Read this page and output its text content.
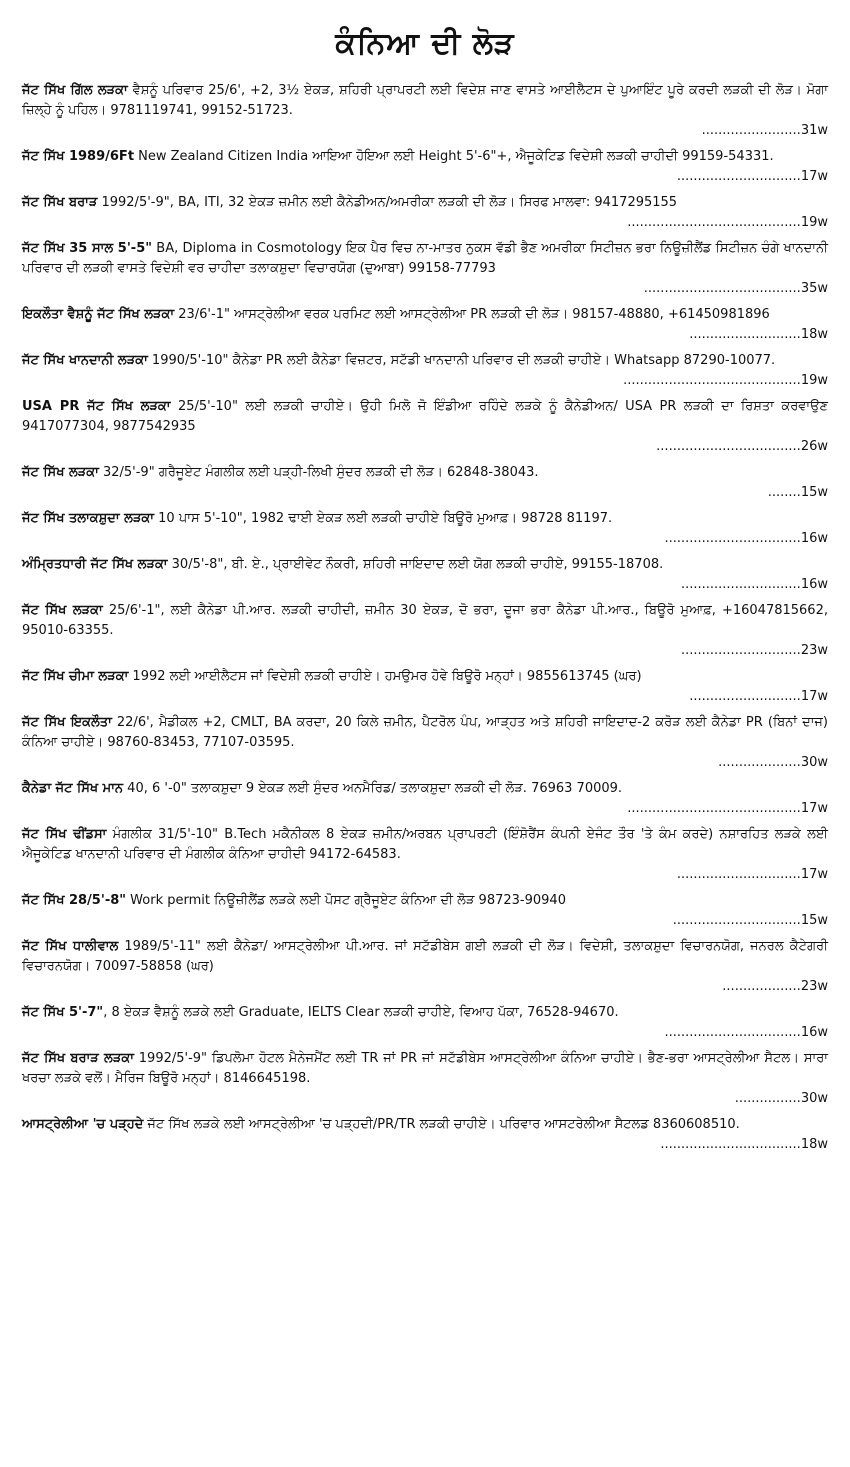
ਕੰਨਿਆ ਦੀ ਲੋੜ
ਜੱਟ ਸਿੱਖ ਗਿੱਲ ਲੜਕਾ ਵੈਸ਼ਨੂੰ ਪਰਿਵਾਰ 25/6', +2, 3½ ਏਕੜ, ਸ਼ਹਿਰੀ ਪ੍ਰਾਪਰਟੀ ਲਈ ਵਿਦੇਸ਼ ਜਾਣ ਵਾਸਤੇ ਆਈਲੈਟਸ ਦੇ ਪੁਆਇੰਟ ਪੂਰੇ ਕਰਦੀ ਲੜਕੀ ਦੀ ਲੋੜ। ਮੋਗਾ ਜ਼ਿਲ੍ਹੇ ਨੂੰ ਪਹਿਲ। 9781119741, 99152-51723.
........................ 31w
ਜੱਟ ਸਿੱਖ 1989/6Ft New Zealand Citizen India ਆਇਆ ਹੋਇਆ ਲਈ Height 5'-6"+, ਐਜੂਕੇਟਿਡ ਵਿਦੇਸ਼ੀ ਲੜਕੀ ਚਾਹੀਦੀ 99159-54331.
.............................. 17w
ਜੱਟ ਸਿੱਖ ਬਰਾੜ 1992/5'-9", BA, ITI, 32 ਏਕੜ ਜ਼ਮੀਨ ਲਈ ਕੈਨੇਡੀਅਨ/ਅਮਰੀਕਾ ਲੜਕੀ ਦੀ ਲੋੜ। ਸਿਰਫ ਮਾਲਵਾ: 9417295155
.......................................... 19w
ਜੱਟ ਸਿੱਖ 35 ਸਾਲ 5'-5" BA, Diploma in Cosmotology ਇਕ ਪੈਰ ਵਿਚ ਨਾ-ਮਾਤਰ ਨੁਕਸ ਵੱਡੀ ਭੈਣ ਅਮਰੀਕਾ ਸਿਟੀਜ਼ਨ ਭਰਾ ਨਿਊਜ਼ੀਲੈਂਡ ਸਿਟੀਜ਼ਨ ਚੰਗੇ ਖਾਨਦਾਨੀ ਪਰਿਵਾਰ ਦੀ ਲੜਕੀ ਵਾਸਤੇ ਵਿਦੇਸ਼ੀ ਵਰ ਚਾਹੀਦਾ ਤਲਾਕਸ਼ੁਦਾ ਵਿਚਾਰਯੋਗ (ਦੁਆਬਾ) 99158-77793
...................................... 35w
ਇਕਲੌਤਾ ਵੈਸ਼ਨੂੰ ਜੱਟ ਸਿੱਖ ਲੜਕਾ 23/6'-1" ਆਸਟ੍ਰੇਲੀਆ ਵਰਕ ਪਰਮਿਟ ਲਈ ਆਸਟ੍ਰੇਲੀਆ PR ਲੜਕੀ ਦੀ ਲੋੜ। 98157-48880, +61450981896
........................... 18w
ਜੱਟ ਸਿੱਖ ਖਾਨਦਾਨੀ ਲੜਕਾ 1990/5'-10" ਕੈਨੇਡਾ PR ਲਈ ਕੈਨੇਡਾ ਵਿਜ਼ਟਰ, ਸਟੱਡੀ ਖਾਨਦਾਨੀ ਪਰਿਵਾਰ ਦੀ ਲੜਕੀ ਚਾਹੀਏ। Whatsapp 87290-10077.
........................................... 19w
USA PR ਜੱਟ ਸਿੱਖ ਲੜਕਾ 25/5'-10" ਲਈ ਲੜਕੀ ਚਾਹੀਏ। ਉਹੀ ਮਿਲੋ ਜੋ ਇੰਡੀਆ ਰਹਿੰਦੇ ਲੜਕੇ ਨੂੰ ਕੈਨੇਡੀਅਨ/ USA PR ਲੜਕੀ ਦਾ ਰਿਸ਼ਤਾ ਕਰਵਾਉਣ 9417077304, 9877542935
................................... 26w
ਜੱਟ ਸਿੱਖ ਲੜਕਾ 32/5'-9" ਗਰੈਜੂਏਟ ਮੰਗਲੀਕ ਲਈ ਪੜ੍ਹੀ-ਲਿਖੀ ਸੁੰਦਰ ਲੜਕੀ ਦੀ ਲੋੜ। 62848-38043.
........ 15w
ਜੱਟ ਸਿੱਖ ਤਲਾਕਸ਼ੁਦਾ ਲੜਕਾ 10 ਪਾਸ 5'-10", 1982 ਢਾਈ ਏਕੜ ਲਈ ਲੜਕੀ ਚਾਹੀਏ ਬਿਊਰੋ ਮੁਆਫ਼। 98728 81197.
................................. 16w
ਅੰਮ੍ਰਿਤਧਾਰੀ ਜੱਟ ਸਿੱਖ ਲੜਕਾ 30/5'-8", ਬੀ. ਏ., ਪ੍ਰਾਈਵੇਟ ਨੌਕਰੀ, ਸ਼ਹਿਰੀ ਜਾਇਦਾਦ ਲਈ ਯੋਗ ਲੜਕੀ ਚਾਹੀਏ, 99155-18708.
............................. 16w
ਜੱਟ ਸਿੱਖ ਲੜਕਾ 25/6'-1", ਲਈ ਕੈਨੇਡਾ ਪੀ.ਆਰ. ਲੜਕੀ ਚਾਹੀਦੀ, ਜ਼ਮੀਨ 30 ਏਕੜ, ਦੋ ਭਰਾ, ਦੂਜਾ ਭਰਾ ਕੈਨੇਡਾ ਪੀ.ਆਰ., ਬਿਊਰੋ ਮੁਆਫ਼, +16047815662, 95010-63355.
............................. 23w
ਜੱਟ ਸਿੱਖ ਚੀਮਾ ਲੜਕਾ 1992 ਲਈ ਆਈਲੈਟਸ ਜਾਂ ਵਿਦੇਸ਼ੀ ਲੜਕੀ ਚਾਹੀਏ। ਹਮਉਮਰ ਹੋਵੇ ਬਿਊਰੋ ਮਨ੍ਹਾਂ। 9855613745 (ਘਰ)
........................... 17w
ਜੱਟ ਸਿੱਖ ਇਕਲੌਤਾ 22/6', ਮੈਡੀਕਲ +2, CMLT, BA ਕਰਦਾ, 20 ਕਿਲੇ ਜ਼ਮੀਨ, ਪੈਟਰੋਲ ਪੰਪ, ਆੜ੍ਹਤ ਅਤੇ ਸ਼ਹਿਰੀ ਜਾਇਦਾਦ-2 ਕਰੋੜ ਲਈ ਕੈਨੇਡਾ PR (ਬਿਨਾਂ ਦਾਜ) ਕੰਨਿਆ ਚਾਹੀਏ। 98760-83453, 77107-03595.
.................... 30w
ਕੈਨੇਡਾ ਜੱਟ ਸਿੱਖ ਮਾਨ 40, 6 '-0" ਤਲਾਕਸ਼ੁਦਾ 9 ਏਕੜ ਲਈ ਸੁੰਦਰ ਅਨਮੈਰਿਡ/ ਤਲਾਕਸ਼ੁਦਾ ਲੜਕੀ ਦੀ ਲੋੜ. 76963 70009.
.......................................... 17w
ਜੱਟ ਸਿੱਖ ਢੀਂਡਸਾ ਮੰਗਲੀਕ 31/5'-10" B.Tech ਮਕੈਨੀਕਲ 8 ਏਕੜ ਜ਼ਮੀਨ/ਅਰਬਨ ਪ੍ਰਾਪਰਟੀ (ਇੰਸ਼ੋਰੈਂਸ ਕੰਪਨੀ ਏਜੰਟ ਤੌਰ 'ਤੇ ਕੰਮ ਕਰਦੇ) ਨਸ਼ਾਰਹਿਤ ਲੜਕੇ ਲਈ ਐਜੂਕੇਟਿਡ ਖਾਨਦਾਨੀ ਪਰਿਵਾਰ ਦੀ ਮੰਗਲੀਕ ਕੰਨਿਆ ਚਾਹੀਦੀ 94172-64583.
.............................. 17w
ਜੱਟ ਸਿੱਖ 28/5'-8" Work permit ਨਿਊਜ਼ੀਲੈਂਡ ਲੜਕੇ ਲਈ ਪੋਸਟ ਗ੍ਰੈਜੂਏਟ ਕੰਨਿਆ ਦੀ ਲੋੜ 98723-90940
............................... 15w
ਜੱਟ ਸਿੱਖ ਧਾਲੀਵਾਲ 1989/5'-11" ਲਈ ਕੈਨੇਡਾ/ ਆਸਟ੍ਰੇਲੀਆ ਪੀ.ਆਰ. ਜਾਂ ਸਟੱਡੀਬੇਸ ਗਈ ਲੜਕੀ ਦੀ ਲੋੜ। ਵਿਦੇਸ਼ੀ, ਤਲਾਕਸ਼ੁਦਾ ਵਿਚਾਰਨਯੋਗ, ਜਨਰਲ ਕੈਟੇਗਰੀ ਵਿਚਾਰਨਯੋਗ। 70097-58858 (ਘਰ)
................... 23w
ਜੱਟ ਸਿੱਖ 5'-7", 8 ਏਕੜ ਵੈਸ਼ਨੂੰ ਲੜਕੇ ਲਈ Graduate, IELTS Clear ਲੜਕੀ ਚਾਹੀਏ, ਵਿਆਹ ਪੱਕਾ, 76528-94670.
................................. 16w
ਜੱਟ ਸਿੱਖ ਬਰਾੜ ਲੜਕਾ 1992/5'-9" ਡਿਪਲੋਮਾ ਹੋਟਲ ਮੈਨੇਜਮੈਂਟ ਲਈ TR ਜਾਂ PR ਜਾਂ ਸਟੱਡੀਬੇਸ ਆਸਟ੍ਰੇਲੀਆ ਕੰਨਿਆ ਚਾਹੀਏ। ਭੈਣ-ਭਰਾ ਆਸਟ੍ਰੇਲੀਆ ਸੈਟਲ। ਸਾਰਾ ਖਰਚਾ ਲੜਕੇ ਵਲੋਂ। ਮੈਰਿਜ ਬਿਊਰੋ ਮਨ੍ਹਾਂ। 8146645198.
................ 30w
ਆਸਟ੍ਰੇਲੀਆ 'ਚ ਪੜ੍ਹਦੇ ਜੱਟ ਸਿੱਖ ਲੜਕੇ ਲਈ ਆਸਟ੍ਰੇਲੀਆ 'ਚ ਪੜ੍ਹਦੀ/PR/TR ਲੜਕੀ ਚਾਹੀਏ। ਪਰਿਵਾਰ ਆਸਟਰੇਲੀਆ ਸੈਟਲਡ 8360608510.
.................................. 18w
